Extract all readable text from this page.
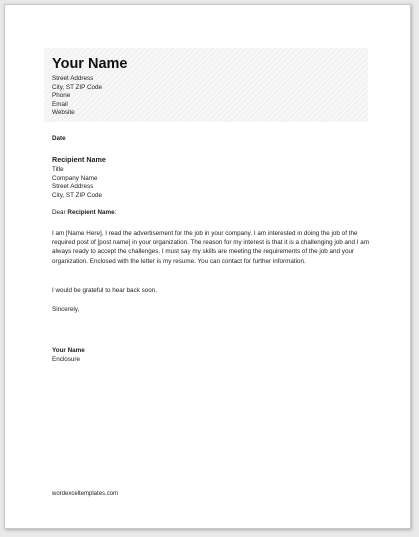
Your Name
Street Address
City, ST ZIP Code
Phone
Email
Website
Date
Recipient Name
Title
Company Name
Street Address
City, ST ZIP Code
Dear Recipient Name:
I am [Name Here]. I read the advertisement for the job in your company. I am interested in doing the job of the required post of [post name] in your organization. The reason for my interest is that it is a challenging job and I am always ready to accept the challenges. I must say my skills are meeting the requirements of the job and your organization. Enclosed with the letter is my resume. You can contact for further information.
I would be grateful to hear back soon.
Sincerely,
Your Name
Enclosure
wordexceltemplates.com
